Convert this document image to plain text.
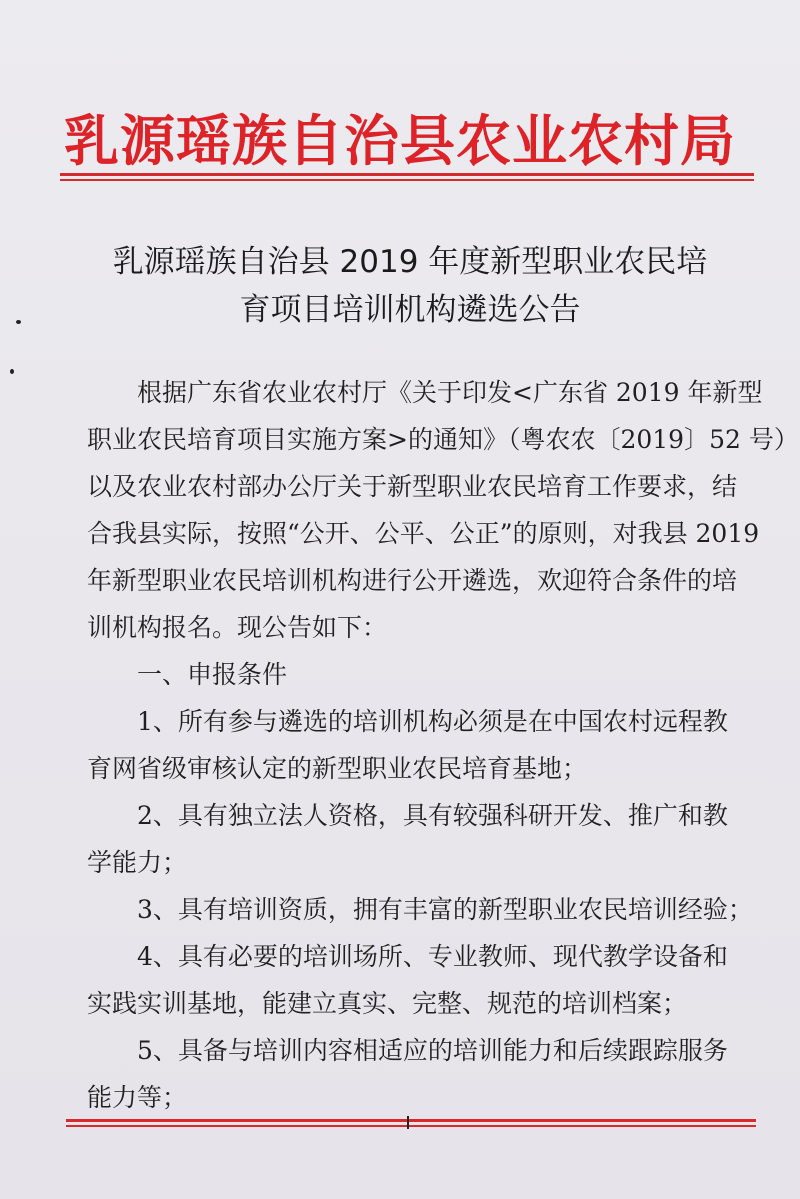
乳源瑶族自治县农业农村局
乳源瑶族自治县 2019 年度新型职业农民培
育项目培训机构遴选公告
　　根据广东省农业农村厅《关于印发<广东省 2019 年新型
职业农民培育项目实施方案>的通知》（粤农农〔2019〕52 号）
以及农业农村部办公厅关于新型职业农民培育工作要求，结
合我县实际，按照“公开、公平、公正”的原则，对我县 2019
年新型职业农民培训机构进行公开遴选，欢迎符合条件的培
训机构报名。现公告如下：
　　一、申报条件
　　1、所有参与遴选的培训机构必须是在中国农村远程教
育网省级审核认定的新型职业农民培育基地；
　　2、具有独立法人资格，具有较强科研开发、推广和教
学能力；
　　3、具有培训资质，拥有丰富的新型职业农民培训经验；
　　4、具有必要的培训场所、专业教师、现代教学设备和
实践实训基地，能建立真实、完整、规范的培训档案；
　　5、具备与培训内容相适应的培训能力和后续跟踪服务
能力等；
